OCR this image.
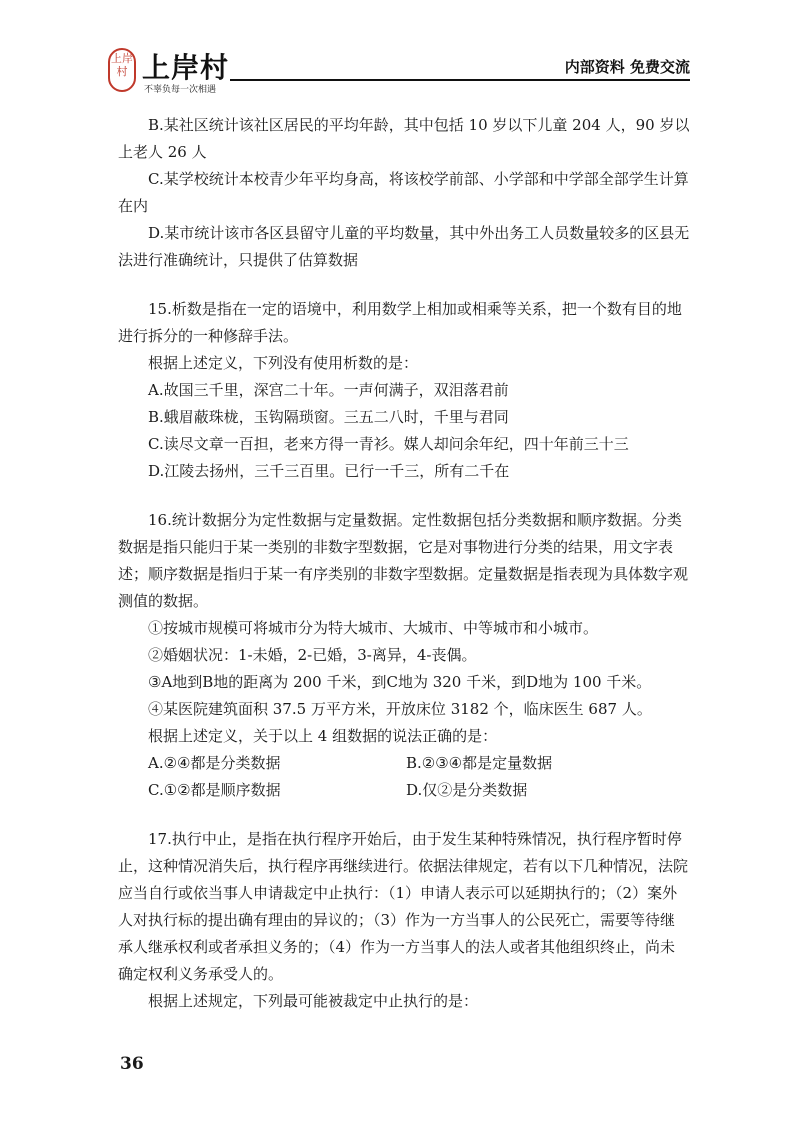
上岸村 上岸村
不辜负每一次相遇
内部资料 免费交流

B.某社区统计该社区居民的平均年龄，其中包括 10 岁以下儿童 204 人，90 岁以上老人 26 人

C.某学校统计本校青少年平均身高，将该校学前部、小学部和中学部全部学生计算在内

D.某市统计该市各区县留守儿童的平均数量，其中外出务工人员数量较多的区县无法进行准确统计，只提供了估算数据

15.析数是指在一定的语境中，利用数学上相加或相乘等关系，把一个数有目的地进行拆分的一种修辞手法。

根据上述定义，下列没有使用析数的是：

A.故国三千里，深宫二十年。一声何满子，双泪落君前

B.蛾眉蔽珠栊，玉钩隔琐窗。三五二八时，千里与君同

C.读尽文章一百担，老来方得一青衫。媒人却问余年纪，四十年前三十三

D.江陵去扬州，三千三百里。已行一千三，所有二千在

16.统计数据分为定性数据与定量数据。定性数据包括分类数据和顺序数据。分类数据是指只能归于某一类别的非数字型数据，它是对事物进行分类的结果，用文字表述；顺序数据是指归于某一有序类别的非数字型数据。定量数据是指表现为具体数字观测值的数据。

①按城市规模可将城市分为特大城市、大城市、中等城市和小城市。

②婚姻状况：1-未婚，2-已婚，3-离异，4-丧偶。

③A地到B地的距离为 200 千米，到C地为 320 千米，到D地为 100 千米。

④某医院建筑面积 37.5 万平方米，开放床位 3182 个，临床医生 687 人。

根据上述定义，关于以上 4 组数据的说法正确的是：

A.②④都是分类数据	B.②③④都是定量数据
C.①②都是顺序数据	D.仅②是分类数据

17.执行中止，是指在执行程序开始后，由于发生某种特殊情况，执行程序暂时停止，这种情况消失后，执行程序再继续进行。依据法律规定，若有以下几种情况，法院应当自行或依当事人申请裁定中止执行：（1）申请人表示可以延期执行的；（2）案外人对执行标的提出确有理由的异议的；（3）作为一方当事人的公民死亡，需要等待继承人继承权利或者承担义务的；（4）作为一方当事人的法人或者其他组织终止，尚未确定权利义务承受人的。

根据上述规定，下列最可能被裁定中止执行的是：

36
